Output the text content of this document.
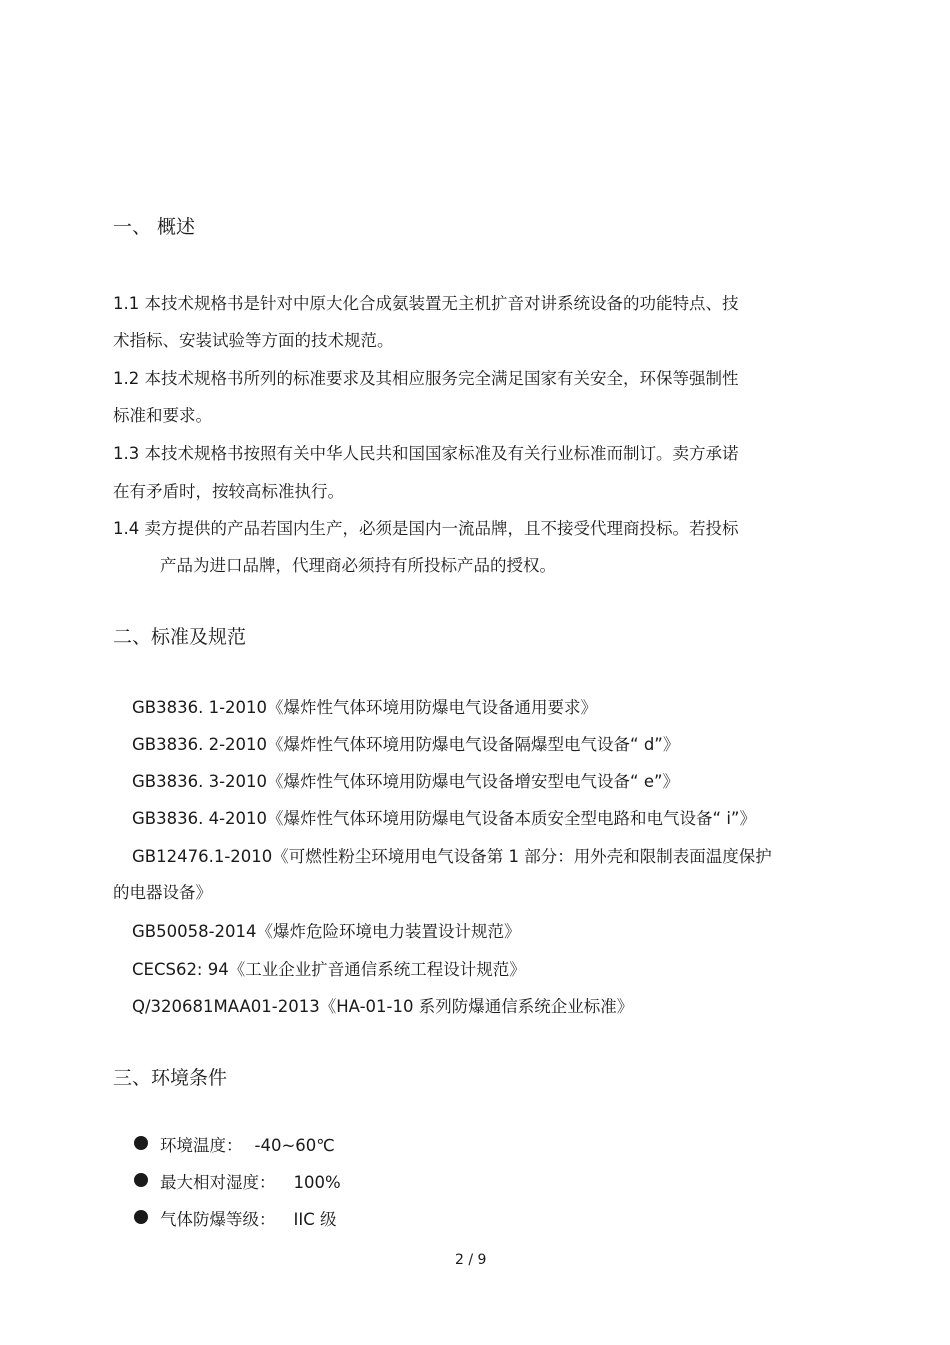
一、 概述
1.1 本技术规格书是针对中原大化合成氨装置无主机扩音对讲系统设备的功能特点、技
术指标、安装试验等方面的技术规范。
1.2 本技术规格书所列的标准要求及其相应服务完全满足国家有关安全，环保等强制性
标准和要求。
1.3 本技术规格书按照有关中华人民共和国国家标准及有关行业标准而制订。卖方承诺
在有矛盾时，按较高标准执行。
1.4 卖方提供的产品若国内生产，必须是国内一流品牌，且不接受代理商投标。若投标
产品为进口品牌，代理商必须持有所投标产品的授权。
二、标准及规范
GB3836. 1-2010《爆炸性气体环境用防爆电气设备通用要求》
GB3836. 2-2010《爆炸性气体环境用防爆电气设备隔爆型电气设备“ d”》
GB3836. 3-2010《爆炸性气体环境用防爆电气设备增安型电气设备“ e”》
GB3836. 4-2010《爆炸性气体环境用防爆电气设备本质安全型电路和电气设备“ i”》
GB12476.1-2010《可燃性粉尘环境用电气设备第 1 部分：用外壳和限制表面温度保护
的电器设备》
GB50058-2014《爆炸危险环境电力装置设计规范》
CECS62: 94《工业企业扩音通信系统工程设计规范》
Q/320681MAA01-2013《HA-01-10 系列防爆通信系统企业标准》
三、环境条件
环境温度： -40~60℃
最大相对湿度： 100%
气体防爆等级： IIC 级
2 / 9
